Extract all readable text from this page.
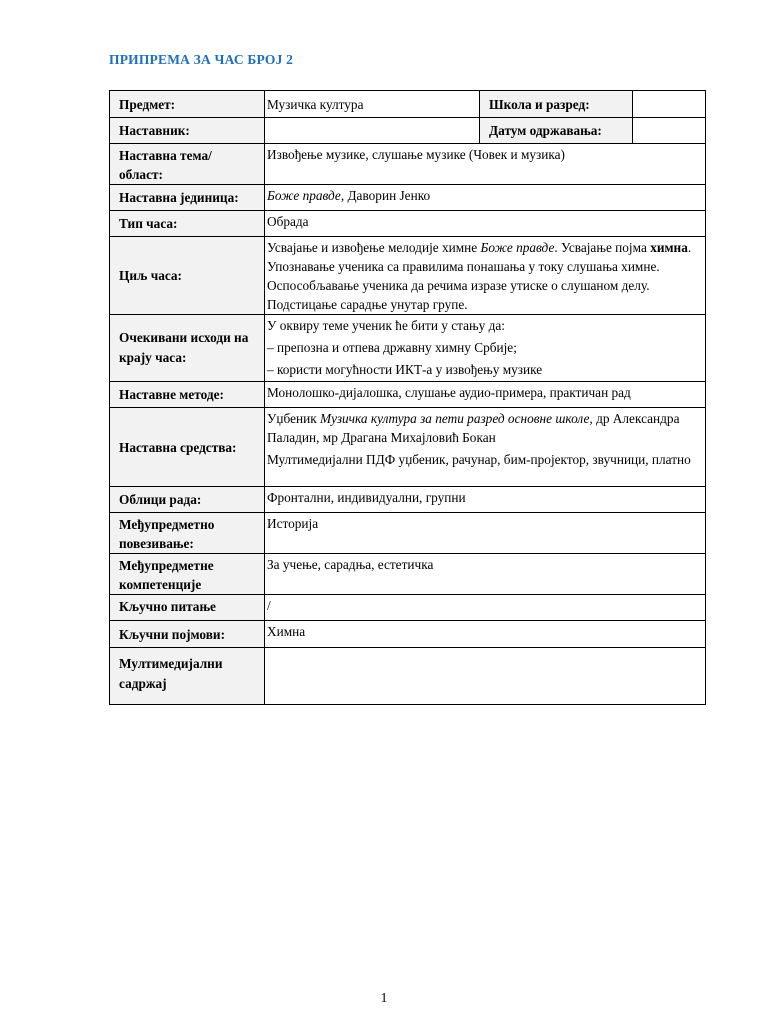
ПРИПРЕМА ЗА ЧАС БРОЈ 2
Предмет:	Музичка култура	Школа и разред:	
Наставник:		Датум одржавања:	
Наставна тема/област:	Извођење музике, слушање музике (Човек и музика)		
Наставна јединица:	Боже правде, Даворин Јенко		
Тип часа:	Обрада		
Циљ часа:	Усвајање и извођење мелодије химне Боже правде. Усвајање појма химна. Упознавање ученика са правилима понашања у току слушања химне. Оспособљавање ученика да речима изразе утиске о слушаном делу. Подстицање сарадње унутар групе.		
Очекивани исходи на крају часа:	У оквиру теме ученик ће бити у стању да:
– препозна и отпева државну химну Србије;
– користи могућности ИКТ-а у извођењу музике		

Наставне методе:	Монолошко-дијалошка, слушање аудио-примера, практичан рад		
Наставна средства:	Уџбеник Музичка култура за пети разред основне школе, др Александра Паладин, мр Драгана Михајловић Бокан
Мултимедијални ПДФ уџбеник, рачунар, бим-пројектор, звучници, платно		

Облици рада:	Фронтални, индивидуални, групни		
Међупредметно повезивање:	Историја		
Међупредметне компетенције	За учење, сарадња, естетичка		
Кључно питање	/		
Кључни појмови:	Химна		
Мултимедијални садржај			
1
